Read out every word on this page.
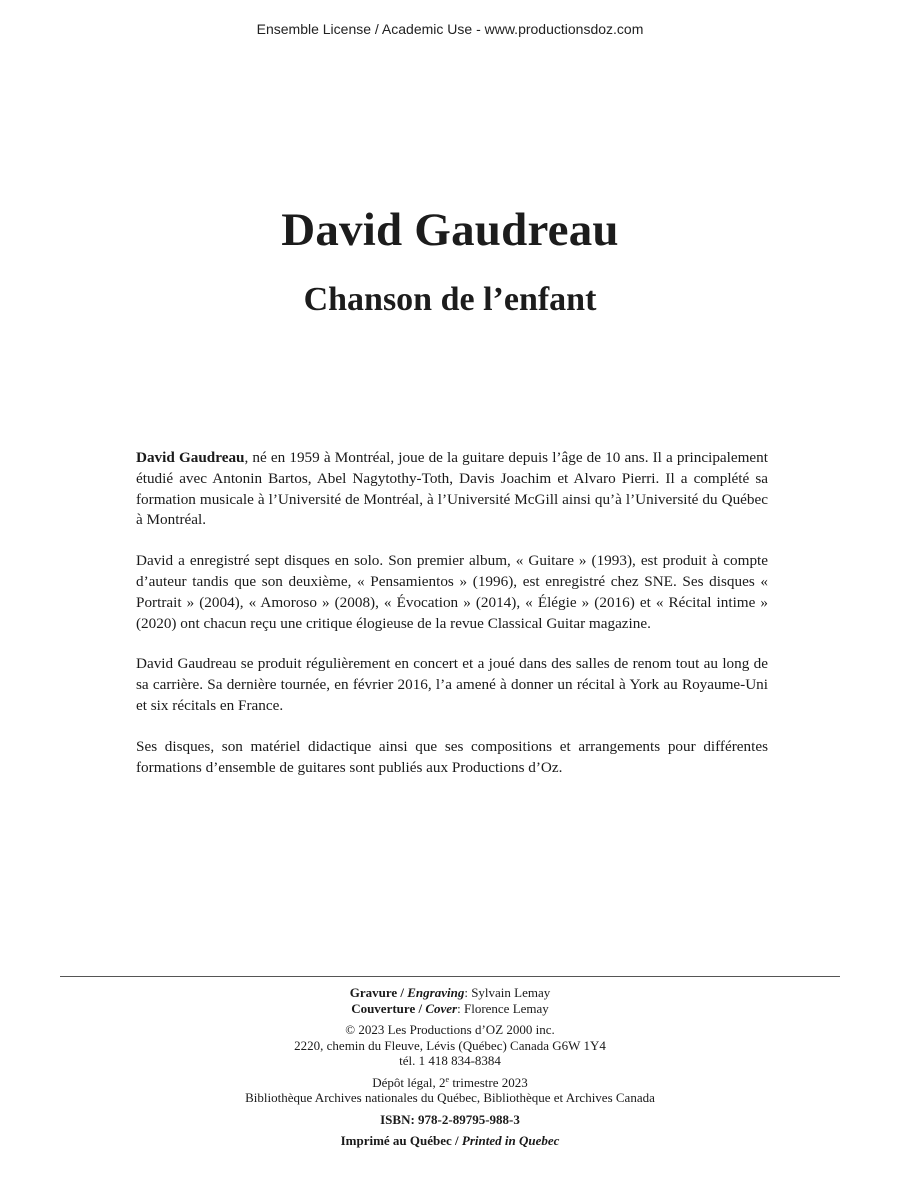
Ensemble License / Academic Use - www.productionsdoz.com
David Gaudreau
Chanson de l’enfant

David Gaudreau, né en 1959 à Montréal, joue de la guitare depuis l’âge de 10 ans. Il a principalement étudié avec Antonin Bartos, Abel Nagytothy-Toth, Davis Joachim et Alvaro Pierri. Il a complété sa formation musicale à l’Université de Montréal, à l’Université McGill ainsi qu’à l’Université du Québec à Montréal.

David a enregistré sept disques en solo. Son premier album, « Guitare » (1993), est produit à compte d’auteur tandis que son deuxième, « Pensamientos » (1996), est enregistré chez SNE. Ses disques « Portrait » (2004), « Amoroso » (2008), « Évocation » (2014), « Élégie » (2016) et « Récital intime » (2020) ont chacun reçu une critique élogieuse de la revue Classical Guitar magazine.

David Gaudreau se produit régulièrement en concert et a joué dans des salles de renom tout au long de sa carrière. Sa dernière tournée, en février 2016, l’a amené à donner un récital à York au Royaume-Uni et six récitals en France.

Ses disques, son matériel didactique ainsi que ses compositions et arrangements pour différentes formations d’ensemble de guitares sont publiés aux Productions d’Oz.

Gravure / Engraving: Sylvain Lemay
Couverture / Cover: Florence Lemay
© 2023 Les Productions d’OZ 2000 inc.
2220, chemin du Fleuve, Lévis (Québec) Canada G6W 1Y4
tél. 1 418 834-8384
Dépôt légal, 2e trimestre 2023
Bibliothèque Archives nationales du Québec, Bibliothèque et Archives Canada
ISBN: 978-2-89795-988-3
Imprimé au Québec / Printed in Quebec
